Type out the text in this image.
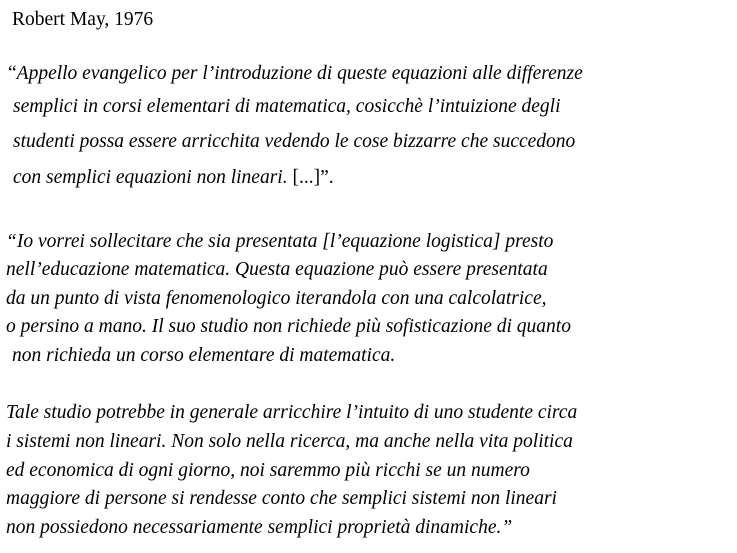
Robert May, 1976
“Appello evangelico per l’introduzione di queste equazioni alle differenze
semplici in corsi elementari di matematica, cosicchè l’intuizione degli
studenti possa essere arricchita vedendo le cose bizzarre che succedono
con semplici equazioni non lineari. [...]”.
“Io vorrei sollecitare che sia presentata [l’equazione logistica] presto
nell’educazione matematica. Questa equazione può essere presentata
da un punto di vista fenomenologico iterandola con una calcolatrice,
o persino a mano. Il suo studio non richiede più sofisticazione di quanto
non richieda un corso elementare di matematica.
Tale studio potrebbe in generale arricchire l’intuito di uno studente circa
i sistemi non lineari. Non solo nella ricerca, ma anche nella vita politica
ed economica di ogni giorno, noi saremmo più ricchi se un numero
maggiore di persone si rendesse conto che semplici sistemi non lineari
non possiedono necessariamente semplici proprietà dinamiche.”
